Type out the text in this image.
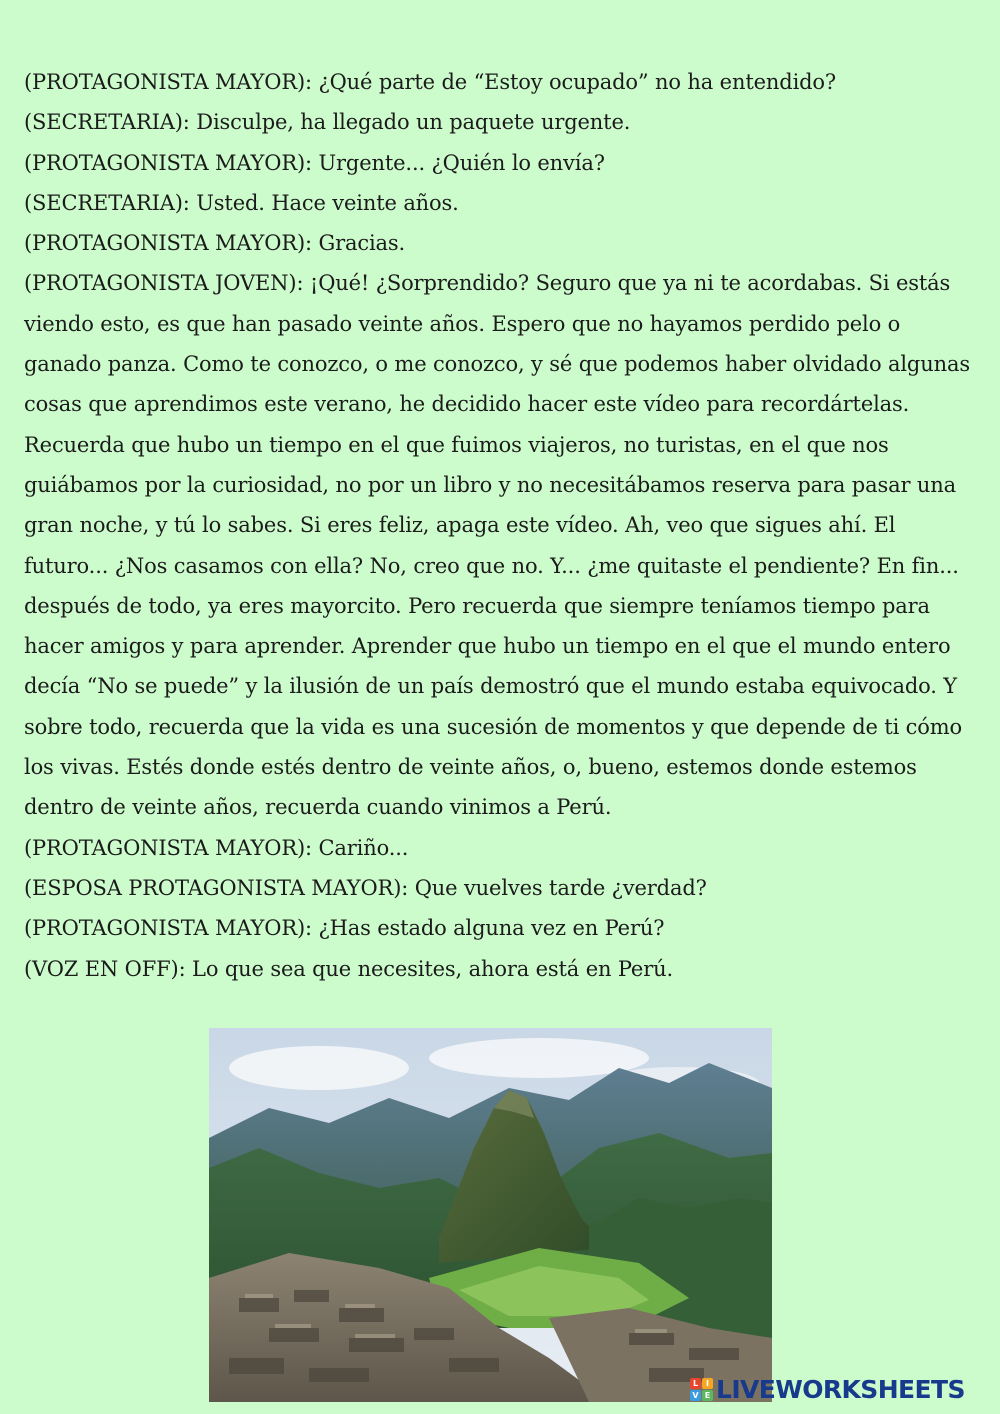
(PROTAGONISTA MAYOR): ¿Qué parte de “Estoy ocupado” no ha entendido?

(SECRETARIA): Disculpe, ha llegado un paquete urgente.

(PROTAGONISTA MAYOR): Urgente... ¿Quién lo envía?

(SECRETARIA): Usted. Hace veinte años.

(PROTAGONISTA MAYOR): Gracias.

(PROTAGONISTA JOVEN): ¡Qué! ¿Sorprendido? Seguro que ya ni te acordabas. Si estás viendo esto, es que han pasado veinte años. Espero que no hayamos perdido pelo o ganado panza. Como te conozco, o me conozco, y sé que podemos haber olvidado algunas cosas que aprendimos este verano, he decidido hacer este vídeo para recordártelas. Recuerda que hubo un tiempo en el que fuimos viajeros, no turistas, en el que nos guiábamos por la curiosidad, no por un libro y no necesitábamos reserva para pasar una gran noche, y tú lo sabes. Si eres feliz, apaga este vídeo. Ah, veo que sigues ahí. El futuro... ¿Nos casamos con ella? No, creo que no. Y... ¿me quitaste el pendiente? En fin... después de todo, ya eres mayorcito. Pero recuerda que siempre teníamos tiempo para hacer amigos y para aprender. Aprender que hubo un tiempo en el que el mundo entero decía “No se puede” y la ilusión de un país demostró que el mundo estaba equivocado. Y sobre todo, recuerda que la vida es una sucesión de momentos y que depende de ti cómo los vivas. Estés donde estés dentro de veinte años, o, bueno, estemos donde estemos dentro de veinte años, recuerda cuando vinimos a Perú.

(PROTAGONISTA MAYOR): Cariño...

(ESPOSA PROTAGONISTA MAYOR): Que vuelves tarde ¿verdad?

(PROTAGONISTA MAYOR): ¿Has estado alguna vez en Perú?

(VOZ EN OFF): Lo que sea que necesites, ahora está en Perú.

L I
V E LIVEWORKSHEETS
